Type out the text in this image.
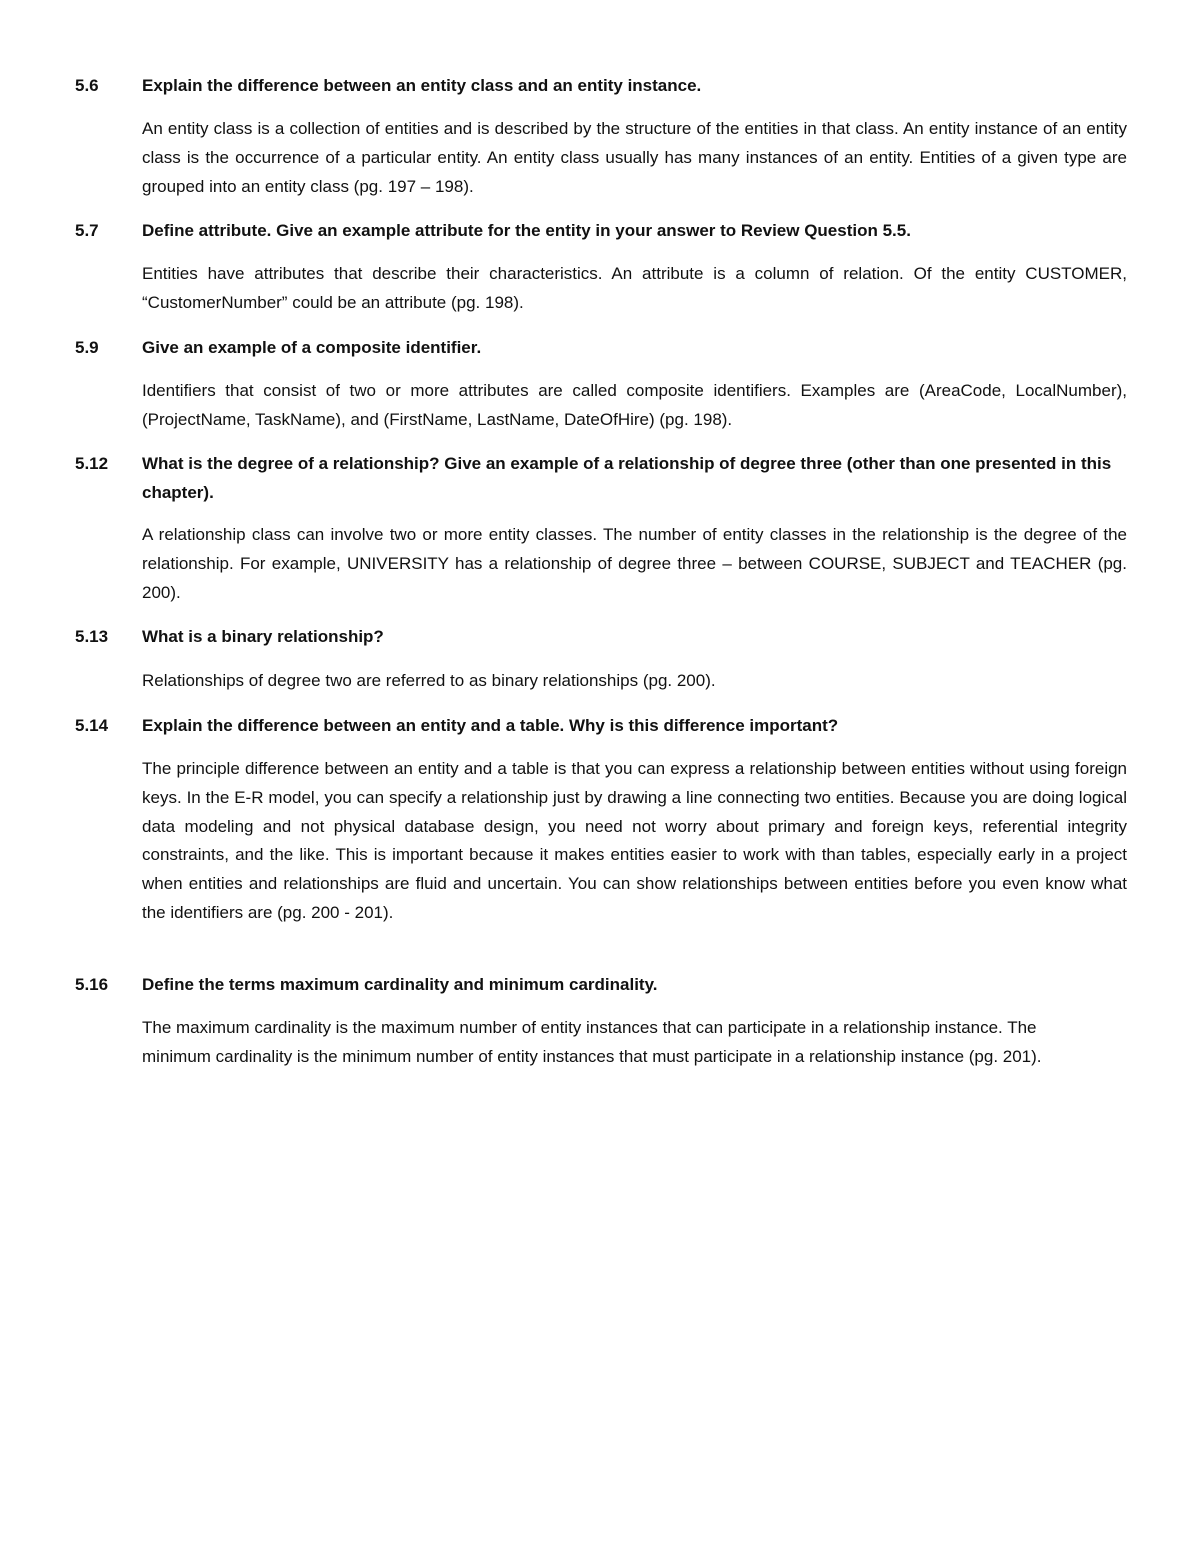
5.6	Explain the difference between an entity class and an entity instance.
An entity class is a collection of entities and is described by the structure of the entities in that class. An entity instance of an entity class is the occurrence of a particular entity. An entity class usually has many instances of an entity. Entities of a given type are grouped into an entity class (pg. 197 – 198).
5.7	Define attribute. Give an example attribute for the entity in your answer to Review Question 5.5.
Entities have attributes that describe their characteristics. An attribute is a column of relation. Of the entity CUSTOMER, “CustomerNumber” could be an attribute (pg. 198).
5.9	Give an example of a composite identifier.
Identifiers that consist of two or more attributes are called composite identifiers. Examples are (AreaCode, LocalNumber), (ProjectName, TaskName), and (FirstName, LastName, DateOfHire) (pg. 198).
5.12 What is the degree of a relationship? Give an example of a relationship of degree three (other than one presented in this chapter).
A relationship class can involve two or more entity classes. The number of entity classes in the relationship is the degree of the relationship. For example, UNIVERSITY has a relationship of degree three – between COURSE, SUBJECT and TEACHER (pg. 200).
5.13 What is a binary relationship?
Relationships of degree two are referred to as binary relationships (pg. 200).
5.14 Explain the difference between an entity and a table. Why is this difference important?
The principle difference between an entity and a table is that you can express a relationship between entities without using foreign keys. In the E-R model, you can specify a relationship just by drawing a line connecting two entities. Because you are doing logical data modeling and not physical database design, you need not worry about primary and foreign keys, referential integrity constraints, and the like. This is important because it makes entities easier to work with than tables, especially early in a project when entities and relationships are fluid and uncertain. You can show relationships between entities before you even know what the identifiers are (pg. 200 - 201).
5.16 Define the terms maximum cardinality and minimum cardinality.
The maximum cardinality is the maximum number of entity instances that can participate in a relationship instance. The minimum cardinality is the minimum number of entity instances that must participate in a relationship instance (pg. 201).
